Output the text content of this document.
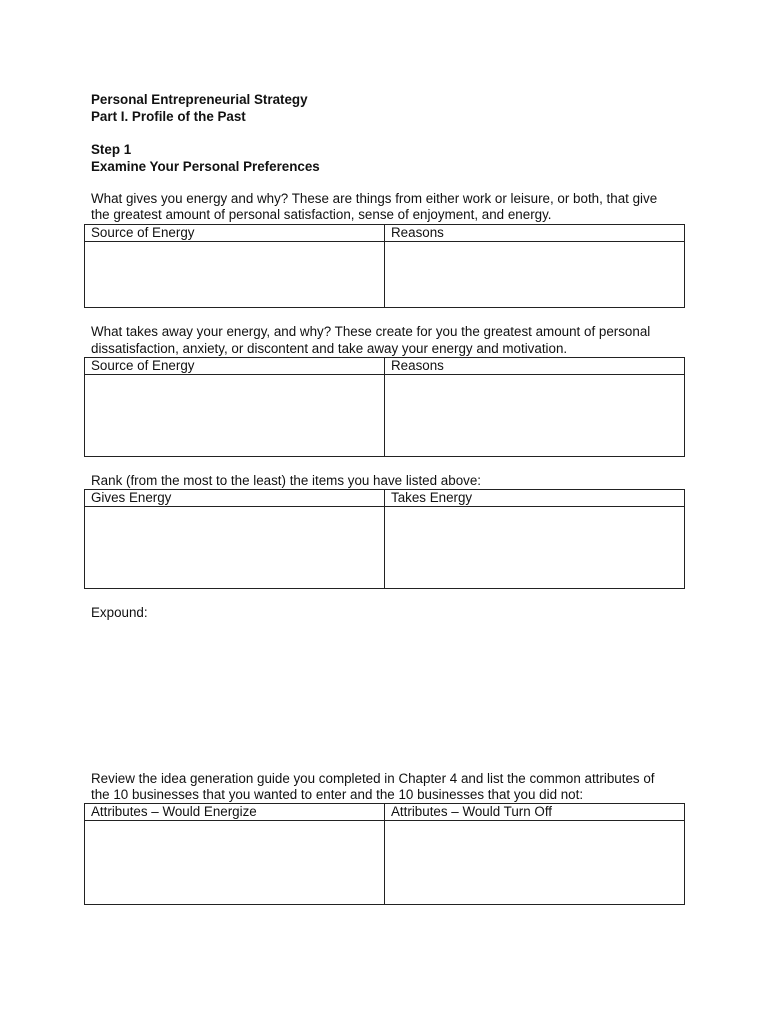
Personal Entrepreneurial Strategy
Part I. Profile of the Past
Step 1
Examine Your Personal Preferences
What gives you energy and why? These are things from either work or leisure, or both, that give
the greatest amount of personal satisfaction, sense of enjoyment, and energy.
Source of Energy	Reasons
What takes away your energy, and why? These create for you the greatest amount of personal
dissatisfaction, anxiety, or discontent and take away your energy and motivation.
Source of Energy	Reasons
Rank (from the most to the least) the items you have listed above:
Gives Energy	Takes Energy
Expound:
Review the idea generation guide you completed in Chapter 4 and list the common attributes of
the 10 businesses that you wanted to enter and the 10 businesses that you did not:
Attributes – Would Energize	Attributes – Would Turn Off
